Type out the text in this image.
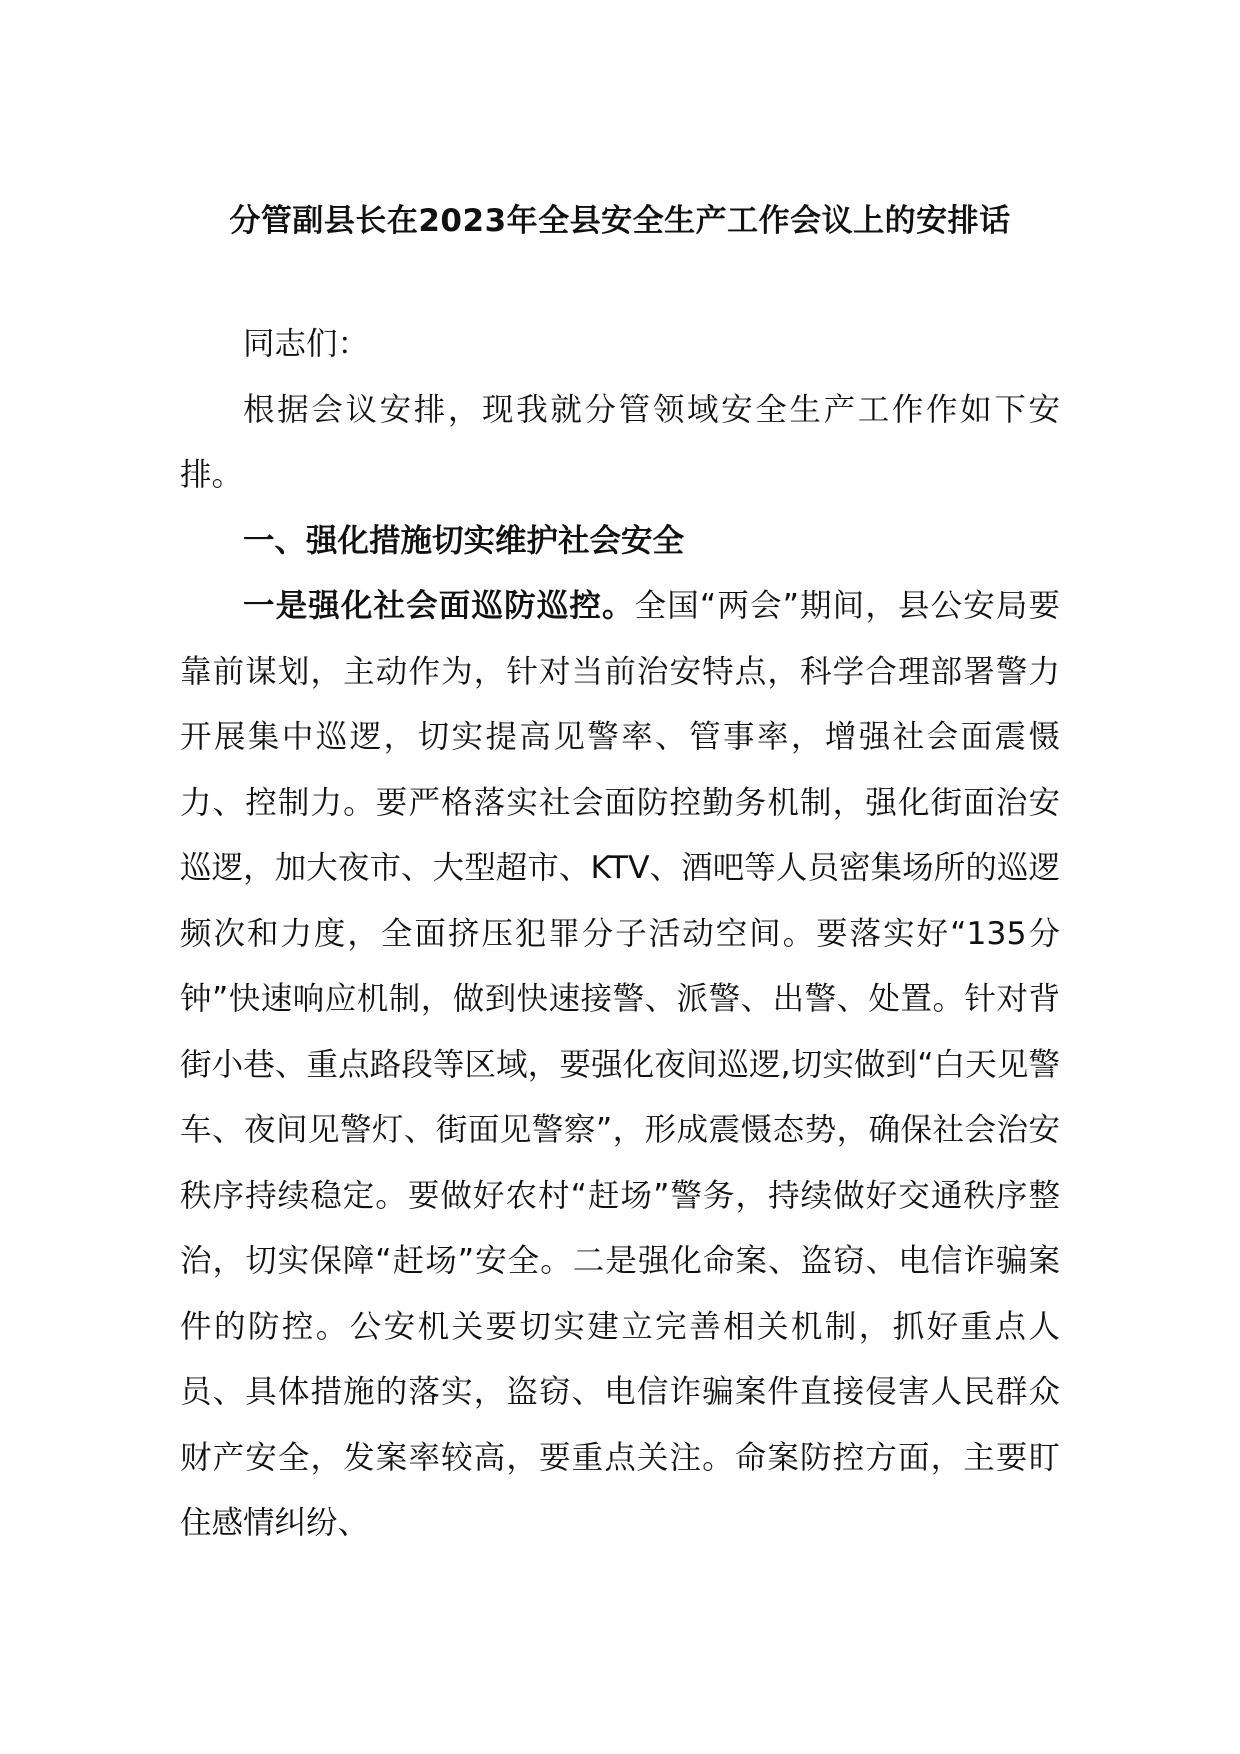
分管副县长在2023年全县安全生产工作会议上的安排话

同志们：

根据会议安排，现我就分管领域安全生产工作作如下安排。

一、强化措施切实维护社会安全

一是强化社会面巡防巡控。全国“两会”期间，县公安局要靠前谋划，主动作为，针对当前治安特点，科学合理部署警力开展集中巡逻，切实提高见警率、管事率，增强社会面震慑力、控制力。要严格落实社会面防控勤务机制，强化街面治安巡逻，加大夜市、大型超市、KTV、酒吧等人员密集场所的巡逻频次和力度，全面挤压犯罪分子活动空间。要落实好“135分钟”快速响应机制，做到快速接警、派警、出警、处置。针对背街小巷、重点路段等区域，要强化夜间巡逻,切实做到“白天见警车、夜间见警灯、街面见警察”，形成震慑态势，确保社会治安秩序持续稳定。要做好农村“赶场”警务，持续做好交通秩序整治，切实保障“赶场”安全。二是强化命案、盗窃、电信诈骗案件的防控。公安机关要切实建立完善相关机制，抓好重点人员、具体措施的落实，盗窃、电信诈骗案件直接侵害人民群众财产安全，发案率较高，要重点关注。命案防控方面，主要盯住感情纠纷、
